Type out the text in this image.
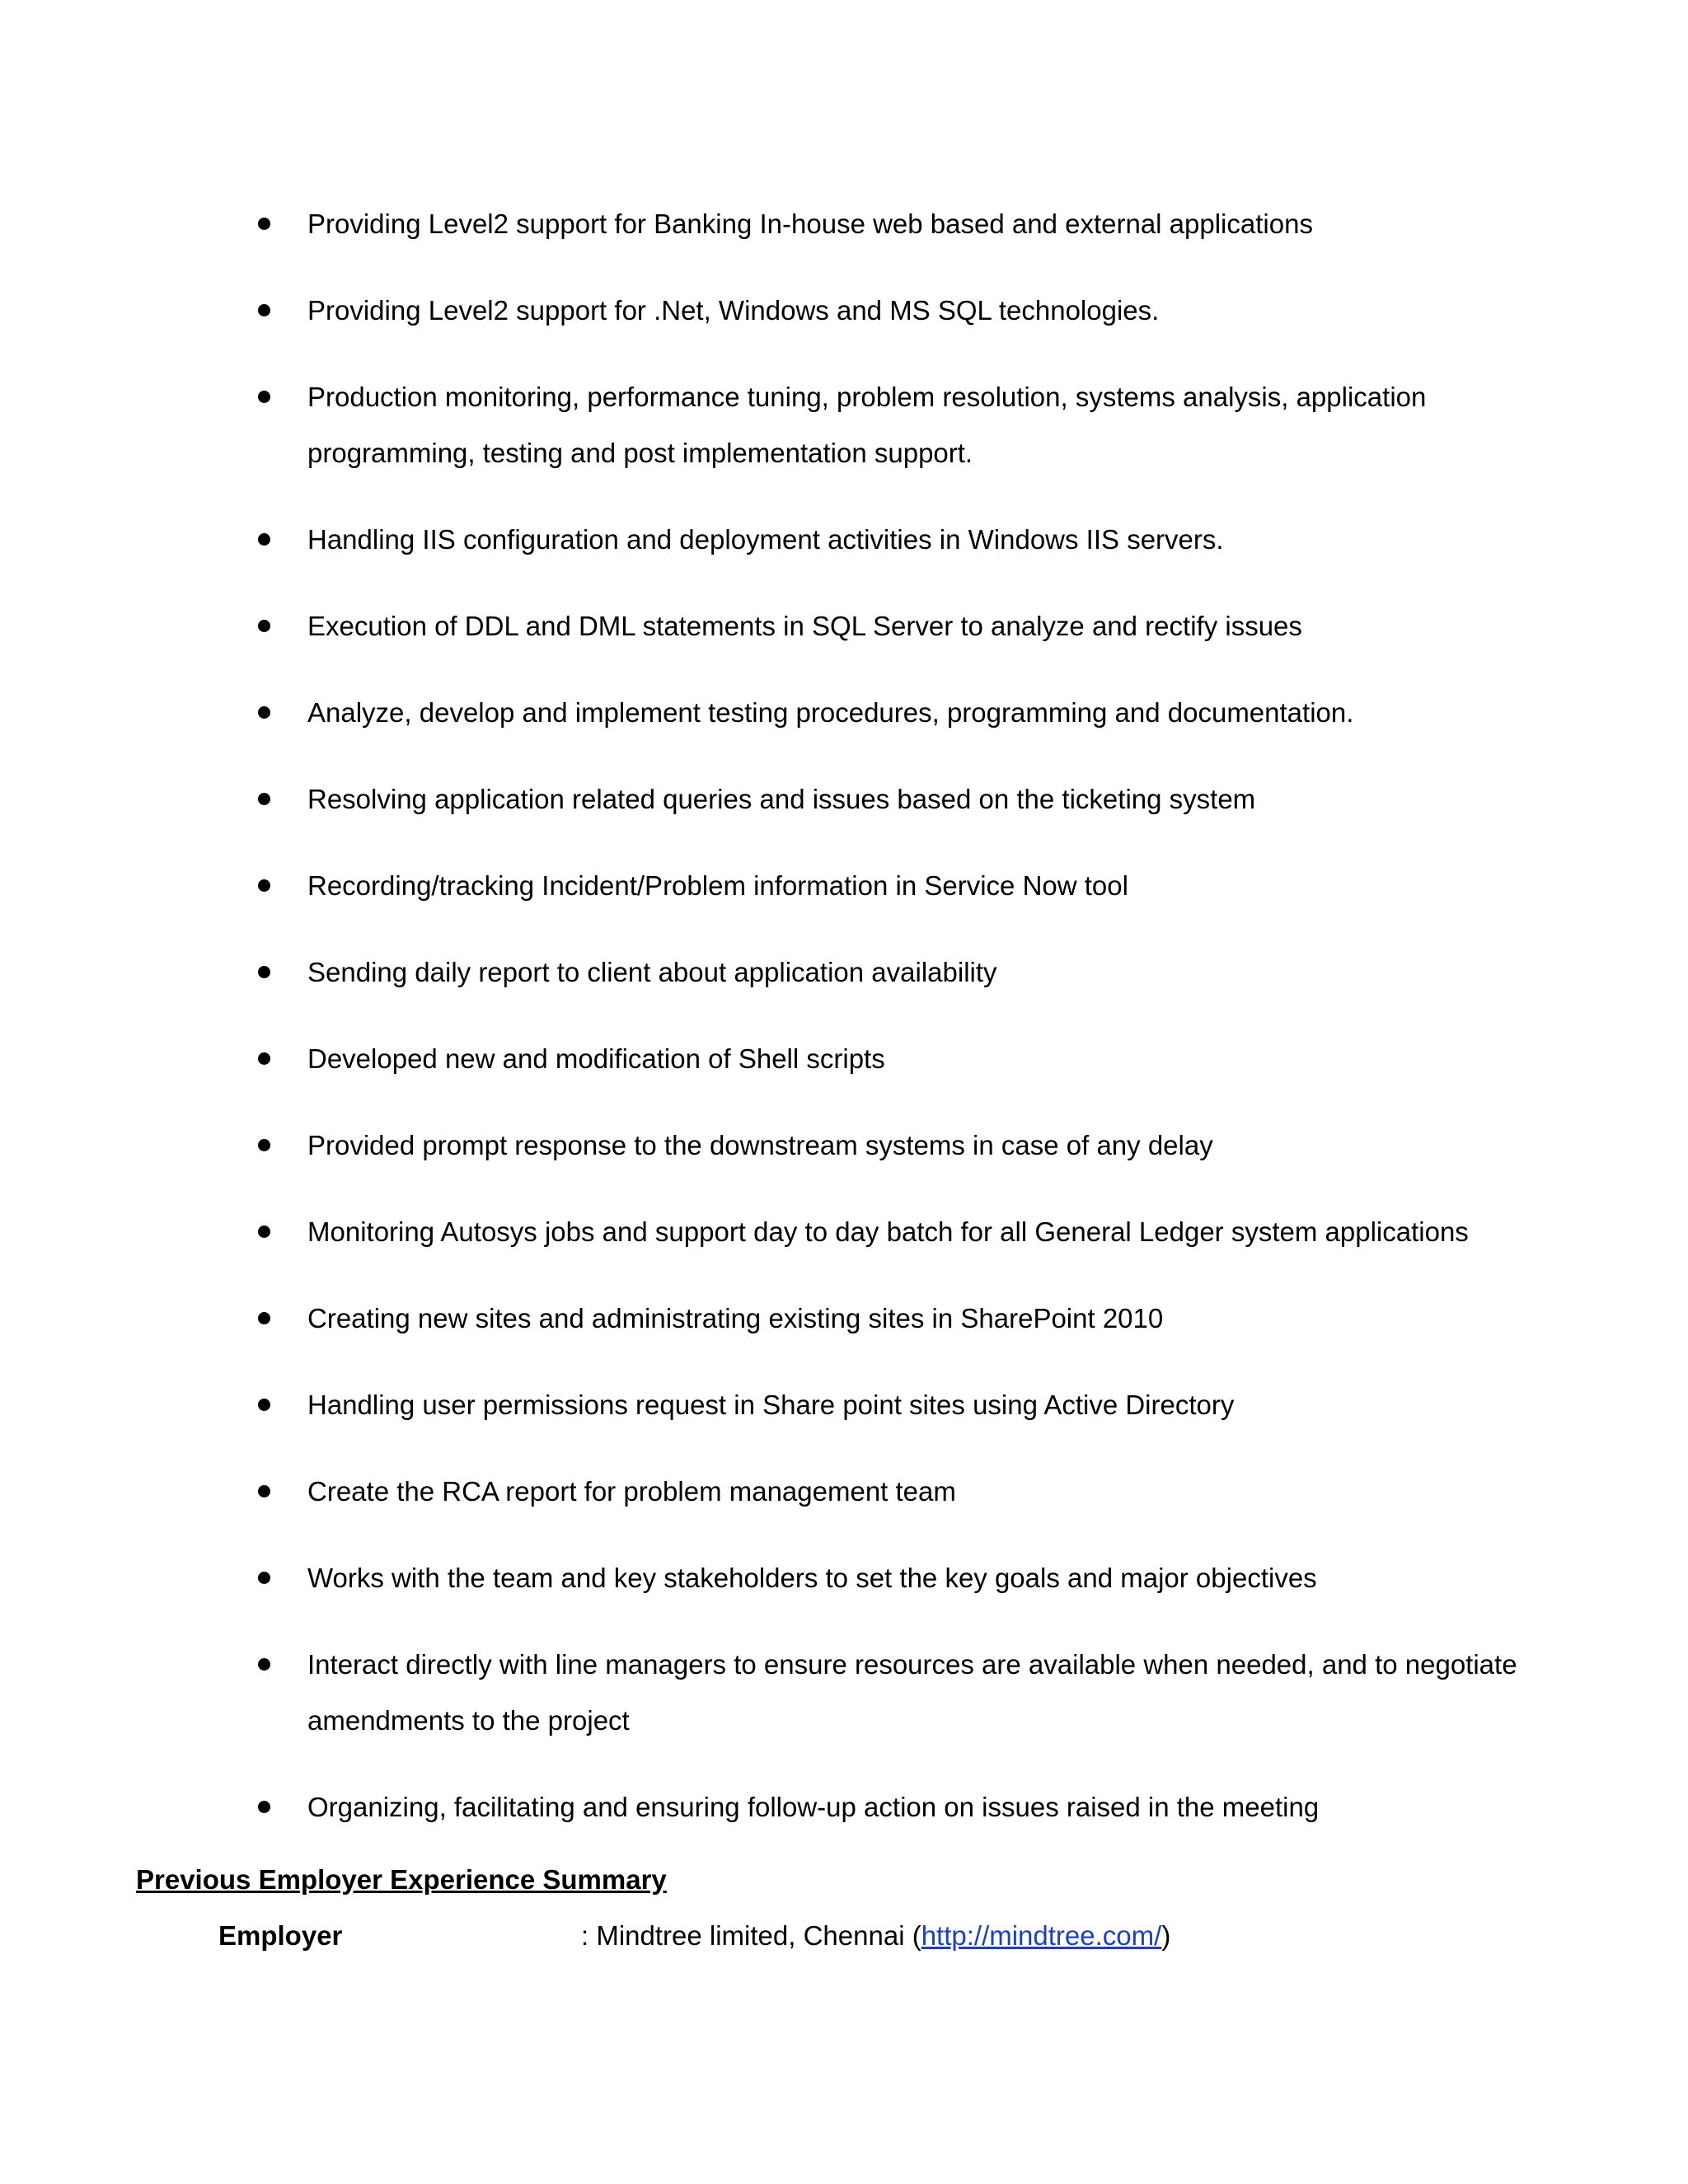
Providing Level2 support for Banking In-house web based and external applications
Providing Level2 support for .Net, Windows and MS SQL technologies.
Production monitoring, performance tuning, problem resolution, systems analysis, application programming, testing and post implementation support.
Handling IIS configuration and deployment activities in Windows IIS servers.
Execution of DDL and DML statements in SQL Server to analyze and rectify issues
Analyze, develop and implement testing procedures, programming and documentation.
Resolving application related queries and issues based on the ticketing system
Recording/tracking Incident/Problem information in Service Now tool
Sending daily report to client about application availability
Developed new and modification of Shell scripts
Provided prompt response to the downstream systems in case of any delay
Monitoring Autosys jobs and support day to day batch for all General Ledger system applications
Creating new sites and administrating existing sites in SharePoint 2010
Handling user permissions request in Share point sites using Active Directory
Create the RCA report for problem management team
Works with the team and key stakeholders to set the key goals and major objectives
Interact directly with line managers to ensure resources are available when needed, and to negotiate amendments to the project
Organizing, facilitating and ensuring follow-up action on issues raised in the meeting
Previous Employer Experience Summary
Employer	: Mindtree limited, Chennai (http://mindtree.com/)
